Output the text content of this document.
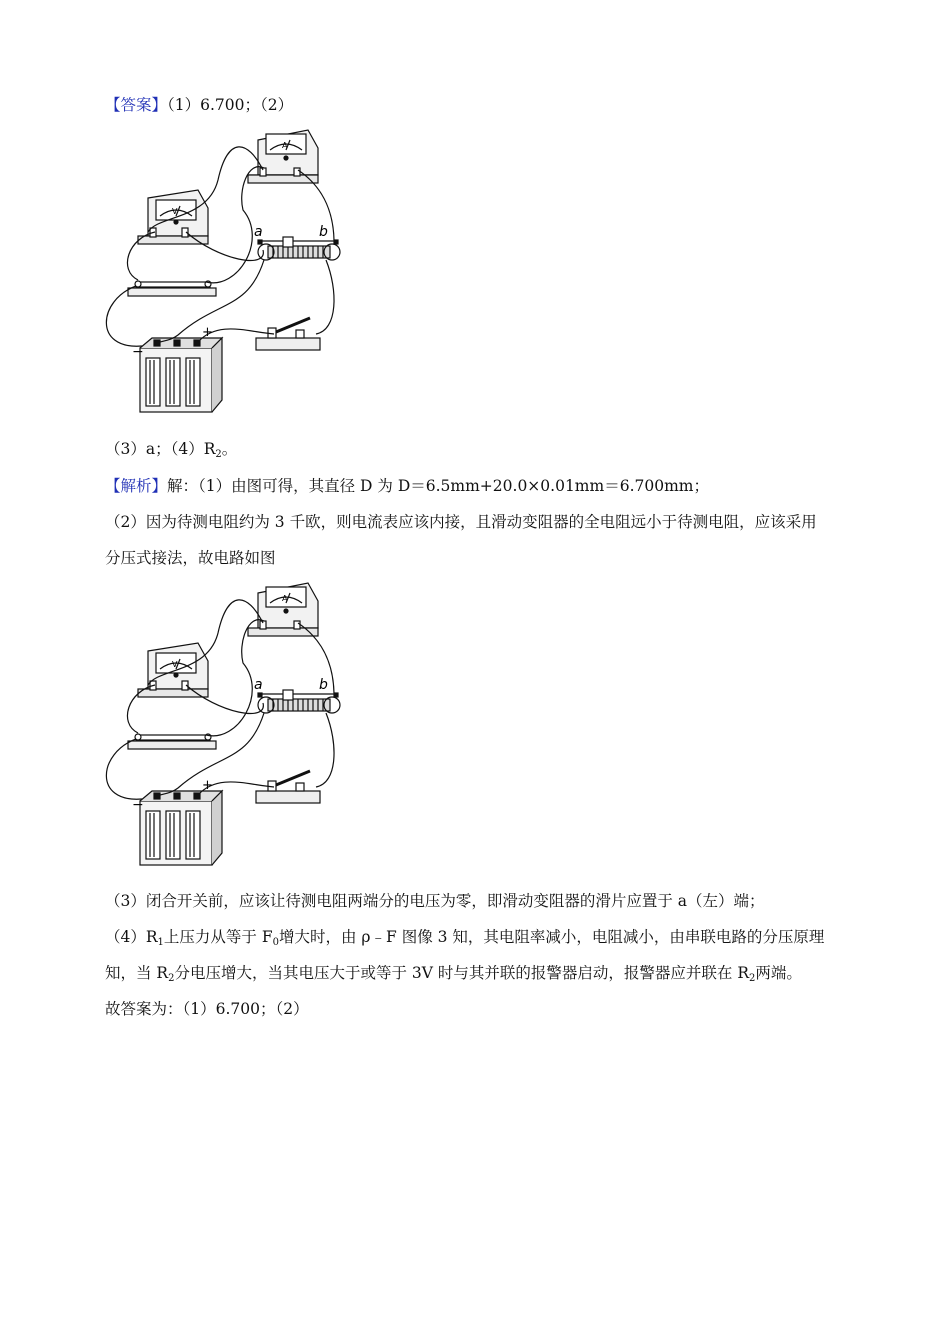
【答案】（1）6.700；（2）
−
+
a	b
A
V
（3）a；$(4)R_2$。
【解析】解：（1）由图可得，其直径 D 为 D＝6.5mm+20.0×0.01mm＝6.700mm；
（2）因为待测电阻约为 3 千欧，则电流表应该内接，且滑动变阻器的全电阻远小于待测电阻，应该采用
分压式接法，故电路如图
−
+
a	b
A
V
（3）闭合开关前，应该让待测电阻两端分的电压为零，即滑动变阻器的滑片应置于 a（左）端；
$(4)R_1$上压力从等于 $F_0$增大时，由 ρ﹣F 图像 3 知，其电阻率减小，电阻减小，由串联电路的分压原理
知，当 $R_2$分电压增大，当其电压大于或等于 3V 时与其并联的报警器启动，报警器应并联在 $R_2$两端。
故答案为：（1）6.700；（2）
